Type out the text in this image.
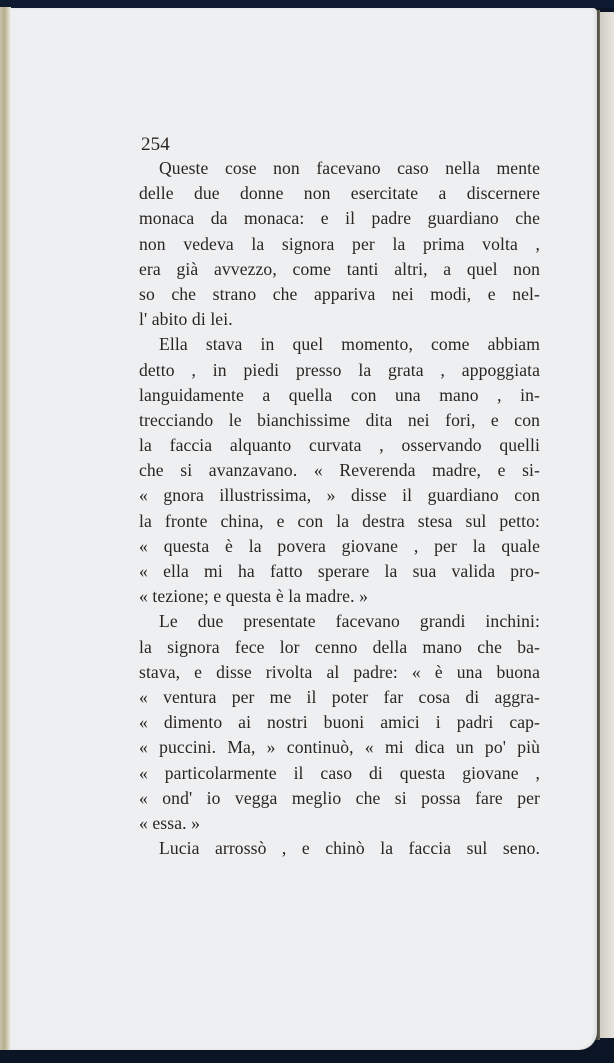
254
Queste cose non facevano caso nella mente
delle due donne non esercitate a discernere
monaca da monaca: e il padre guardiano che
non vedeva la signora per la prima volta ,
era già avvezzo, come tanti altri, a quel non
so che strano che appariva nei modi, e nel-
l' abito di lei.
Ella stava in quel momento, come abbiam
detto , in piedi presso la grata , appoggiata
languidamente a quella con una mano , in-
trecciando le bianchissime dita nei fori, e con
la faccia alquanto curvata , osservando quelli
che si avanzavano. « Reverenda madre, e si-
« gnora illustrissima, » disse il guardiano con
la fronte china, e con la destra stesa sul petto:
« questa è la povera giovane , per la quale
« ella mi ha fatto sperare la sua valida pro-
« tezione; e questa è la madre. »
Le due presentate facevano grandi inchini:
la signora fece lor cenno della mano che ba-
stava, e disse rivolta al padre: « è una buona
« ventura per me il poter far cosa di aggra-
« dimento ai nostri buoni amici i padri cap-
« puccini. Ma, » continuò, « mi dica un po' più
« particolarmente il caso di questa giovane ,
« ond' io vegga meglio che si possa fare per
« essa. »
Lucia arrossò , e chinò la faccia sul seno.
